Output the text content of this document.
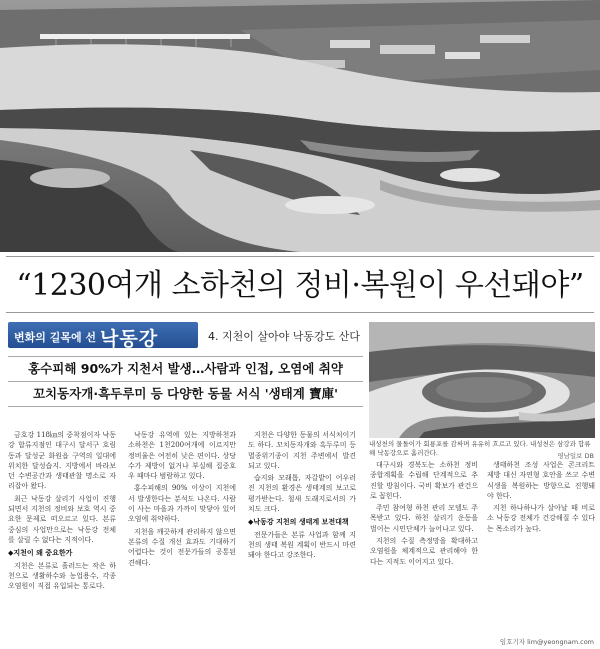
“1230여개 소하천의 정비·복원이 우선돼야”
변화의 길목에 선 낙동강	4. 지천이 살아야 낙동강도 산다
홍수피해 90%가 지천서 발생…사람과 인접, 오염에 취약
꼬치동자개·흑두루미 등 다양한 동물 서식 '생태계 寶庫'
내성천의 물돌이가 회룡포를 감싸며 유유히 흐르고 있다. 내성천은 삼강과 합류해 낙동강으로 흘러간다.	영남일보 DB

금호강 118㎞의 중착점이자 낙동강 합류지점인 대구시 달서구 호림동과 달성군 화원읍 구역의 일대에 위치한 달성습지. 지방에서 바라보던 수변공간과 생태관찰 명소로 자리잡아 왔다.

최근 낙동강 살리기 사업이 진행되면서 지천의 정비와 보호 역시 중요한 문제로 떠오르고 있다. 본류 중심의 사업만으로는 낙동강 전체를 살릴 수 없다는 지적이다.

◆지천이 왜 중요한가

지천은 본류로 흘러드는 작은 하천으로 생활하수와 농업용수, 각종 오염원이 직접 유입되는 통로다.

낙동강 유역에 있는 지방하천과 소하천은 1천200여개에 이르지만 정비율은 여전히 낮은 편이다. 상당수가 제방이 없거나 부실해 집중호우 때마다 범람하고 있다.

홍수피해의 90% 이상이 지천에서 발생한다는 분석도 나온다. 사람이 사는 마을과 가까이 맞닿아 있어 오염에 취약하다.

지천을 깨끗하게 관리하지 않으면 본류의 수질 개선 효과도 기대하기 어렵다는 것이 전문가들의 공통된 견해다.

지천은 다양한 동물의 서식처이기도 하다. 꼬치동자개와 흑두루미 등 멸종위기종이 지천 주변에서 발견되고 있다.

습지와 모래톱, 자갈밭이 어우러진 지천의 환경은 생태계의 보고로 평가받는다. 철새 도래지로서의 가치도 크다.

◆낙동강 지천의 생태계 보전대책

전문가들은 본류 사업과 함께 지천의 생태 복원 계획이 반드시 마련돼야 한다고 강조한다.

대구시와 경북도는 소하천 정비 종합계획을 수립해 단계적으로 추진할 방침이다. 국비 확보가 관건으로 꼽힌다.

주민 참여형 하천 관리 모델도 주목받고 있다. 하천 살리기 운동을 벌이는 시민단체가 늘어나고 있다.

지천의 수질 측정망을 확대하고 오염원을 체계적으로 관리해야 한다는 지적도 이어지고 있다.

생태하천 조성 사업은 콘크리트 제방 대신 자연형 호안을 쓰고 수변 식생을 복원하는 방향으로 진행돼야 한다.

지천 하나하나가 살아날 때 비로소 낙동강 전체가 건강해질 수 있다는 목소리가 높다.

임호기자 lim@yeongnam.com
